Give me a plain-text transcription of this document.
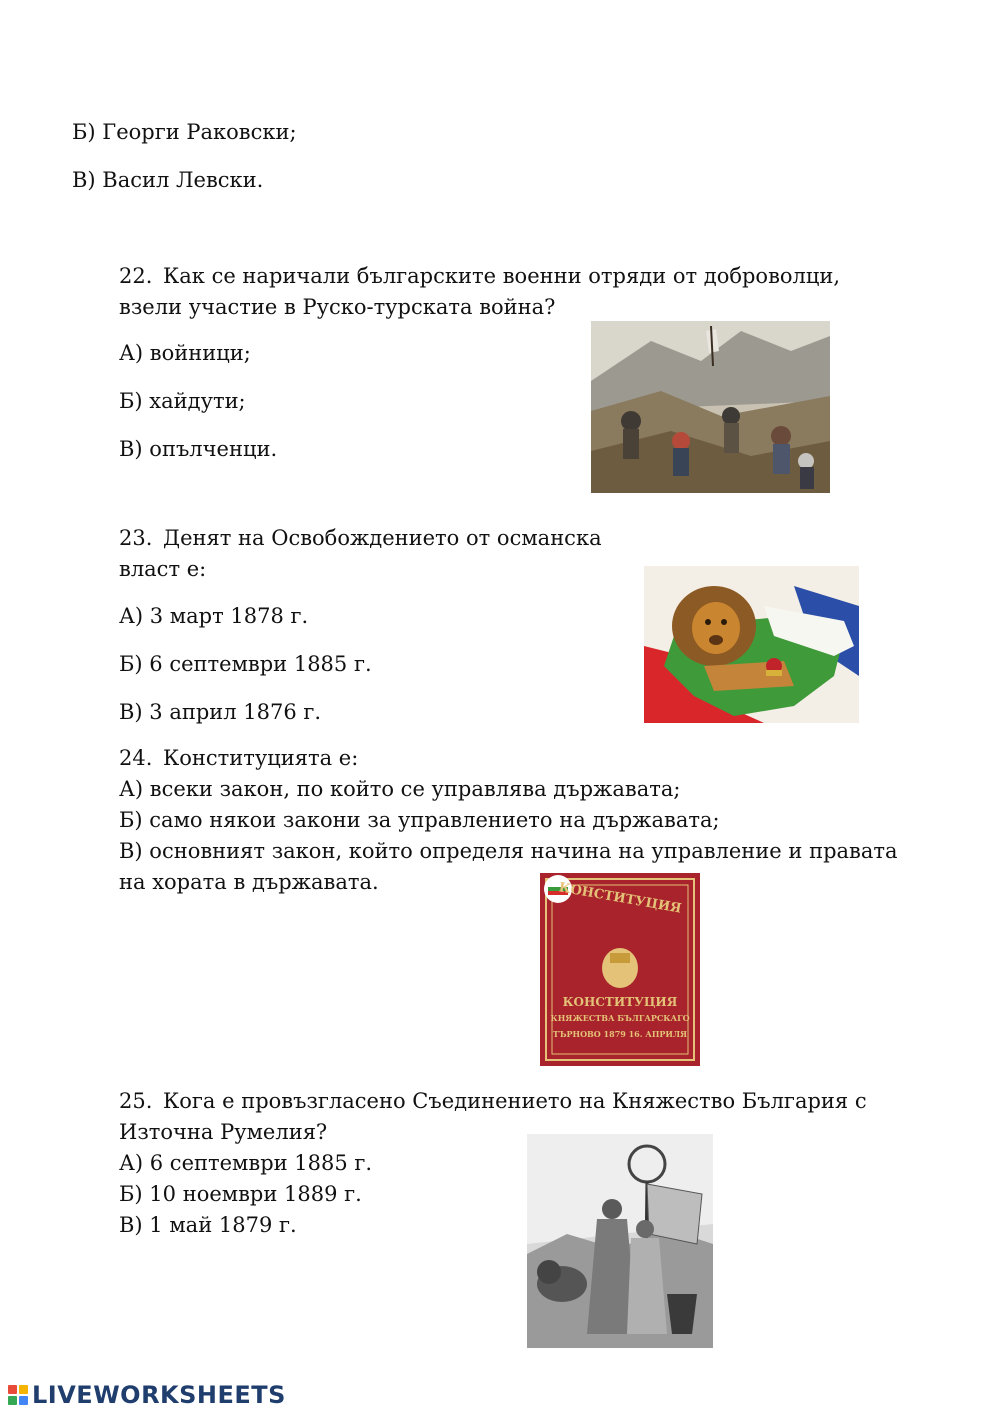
Б) Георги Раковски;
В) Васил Левски.
22. Как се наричали българските военни отряди от доброволци,
взели участие в Руско-турската война?
А) войници;
Б) хайдути;
В) опълченци.
23. Денят на Освобождението от османска
власт е:
А) 3 март 1878 г.
Б) 6 септември 1885 г.
В) 3 април 1876 г.
24. Конституцията е:
А) всеки закон, по който се управлява държавата;
Б) само някои закони за управлението на държавата;
В) основният закон, който определя начина на управление и правата
на хората в държавата.	КОНСТИТУЦИЯ
КОНСТИТУЦИЯ
КНЯЖЕСТВА БЪЛГАРСКАГО
ТЪРНОВО 1879 16. АПРИЛЯ
25. Кога е провъзгласено Съединението на Княжество България с
Източна Румелия?
А) 6 септември 1885 г.
Б) 10 ноември 1889 г.
В) 1 май 1879 г.
LIVEWORKSHEETS
